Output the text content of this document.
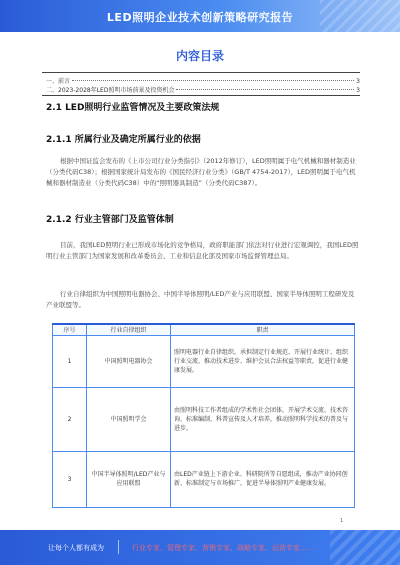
LED照明企业技术创新策略研究报告
内容目录
一、前言	3
二、2023-2028年LED照明市场前景及投资机会	3
2.1 LED照明行业监管情况及主要政策法规
2.1.1 所属行业及确定所属行业的依据
根据中国证监会发布的《上市公司行业分类指引》（2012年修订），LED照明属于电气机械和器材制造业（分类代码C38）；根据国家统计局发布的《国民经济行业分类》（GB/T 4754-2017），LED照明属于电气机械和器材制造业（分类代码C38）中的“照明器具制造”（分类代码C387）。
2.1.2 行业主管部门及监管体制
目前，我国LED照明行业已形成市场化的竞争格局，政府职能部门依法对行业进行宏观调控，我国LED照明行业主管部门为国家发展和改革委员会、工业和信息化部及国家市场监督管理总局。
行业自律组织为中国照明电器协会、中国半导体照明/LED产业与应用联盟、国家半导体照明工程研发及产业联盟等。
序号	行业自律组织	职责
1	中国照明电器协会	照明电器行业自律组织，承担制定行业规范、开展行业统计、组织行业交流、推动技术进步、维护会员合法权益等职责，促进行业健康发展。
2	中国照明学会	由照明科技工作者组成的学术性社会团体，开展学术交流、技术咨询、标准编制、科普宣传及人才培养，推动照明科学技术的普及与进步。
3	中国半导体照明/LED产业与应用联盟	由LED产业链上下游企业、科研院所等自愿组成，推动产业协同创新、标准制定与市场推广，促进半导体照明产业健康发展。
1
让每个人都有成为	行业专家、管理专家、营销专家、战略专家、运营专家……
